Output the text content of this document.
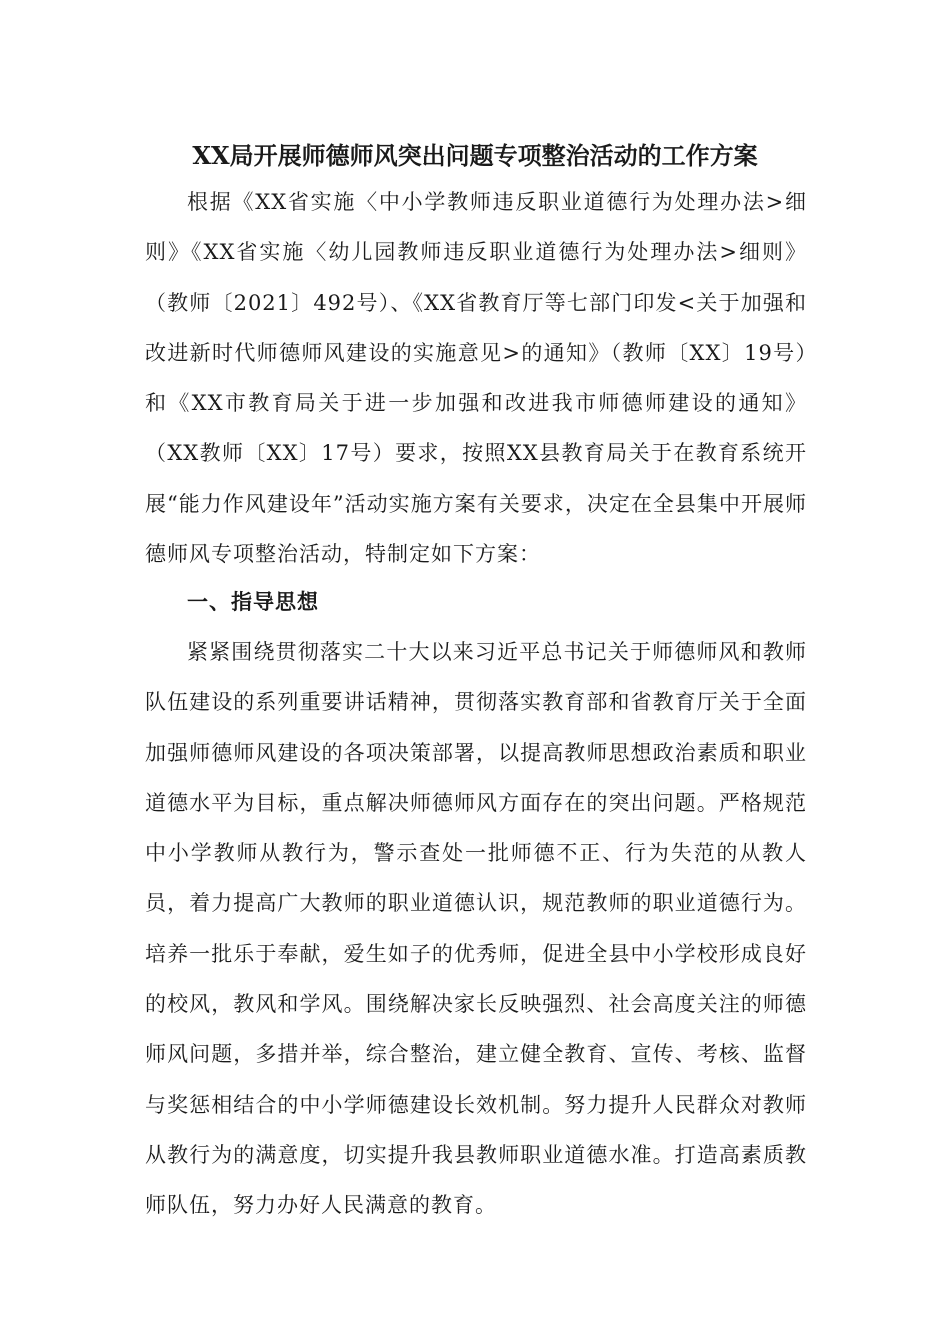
XX局开展师德师风突出问题专项整治活动的工作方案

根据《XX省实施〈中小学教师违反职业道德行为处理办法>细则》《XX省实施〈幼儿园教师违反职业道德行为处理办法>细则》（教师〔2021〕492号）、《XX省教育厅等七部门印发<关于加强和改进新时代师德师风建设的实施意见>的通知》（教师〔XX〕19号）和《XX市教育局关于进一步加强和改进我市师德师建设的通知》（XX教师〔XX〕17号）要求，按照XX县教育局关于在教育系统开展“能力作风建设年”活动实施方案有关要求，决定在全县集中开展师德师风专项整治活动，特制定如下方案：

一、指导思想

紧紧围绕贯彻落实二十大以来习近平总书记关于师德师风和教师队伍建设的系列重要讲话精神，贯彻落实教育部和省教育厅关于全面加强师德师风建设的各项决策部署，以提高教师思想政治素质和职业道德水平为目标，重点解决师德师风方面存在的突出问题。严格规范中小学教师从教行为，警示查处一批师德不正、行为失范的从教人员，着力提高广大教师的职业道德认识，规范教师的职业道德行为。培养一批乐于奉献，爱生如子的优秀师，促进全县中小学校形成良好的校风，教风和学风。围绕解决家长反映强烈、社会高度关注的师德师风问题，多措并举，综合整治，建立健全教育、宣传、考核、监督与奖惩相结合的中小学师德建设长效机制。努力提升人民群众对教师从教行为的满意度，切实提升我县教师职业道德水准。打造高素质教师队伍，努力办好人民满意的教育。
